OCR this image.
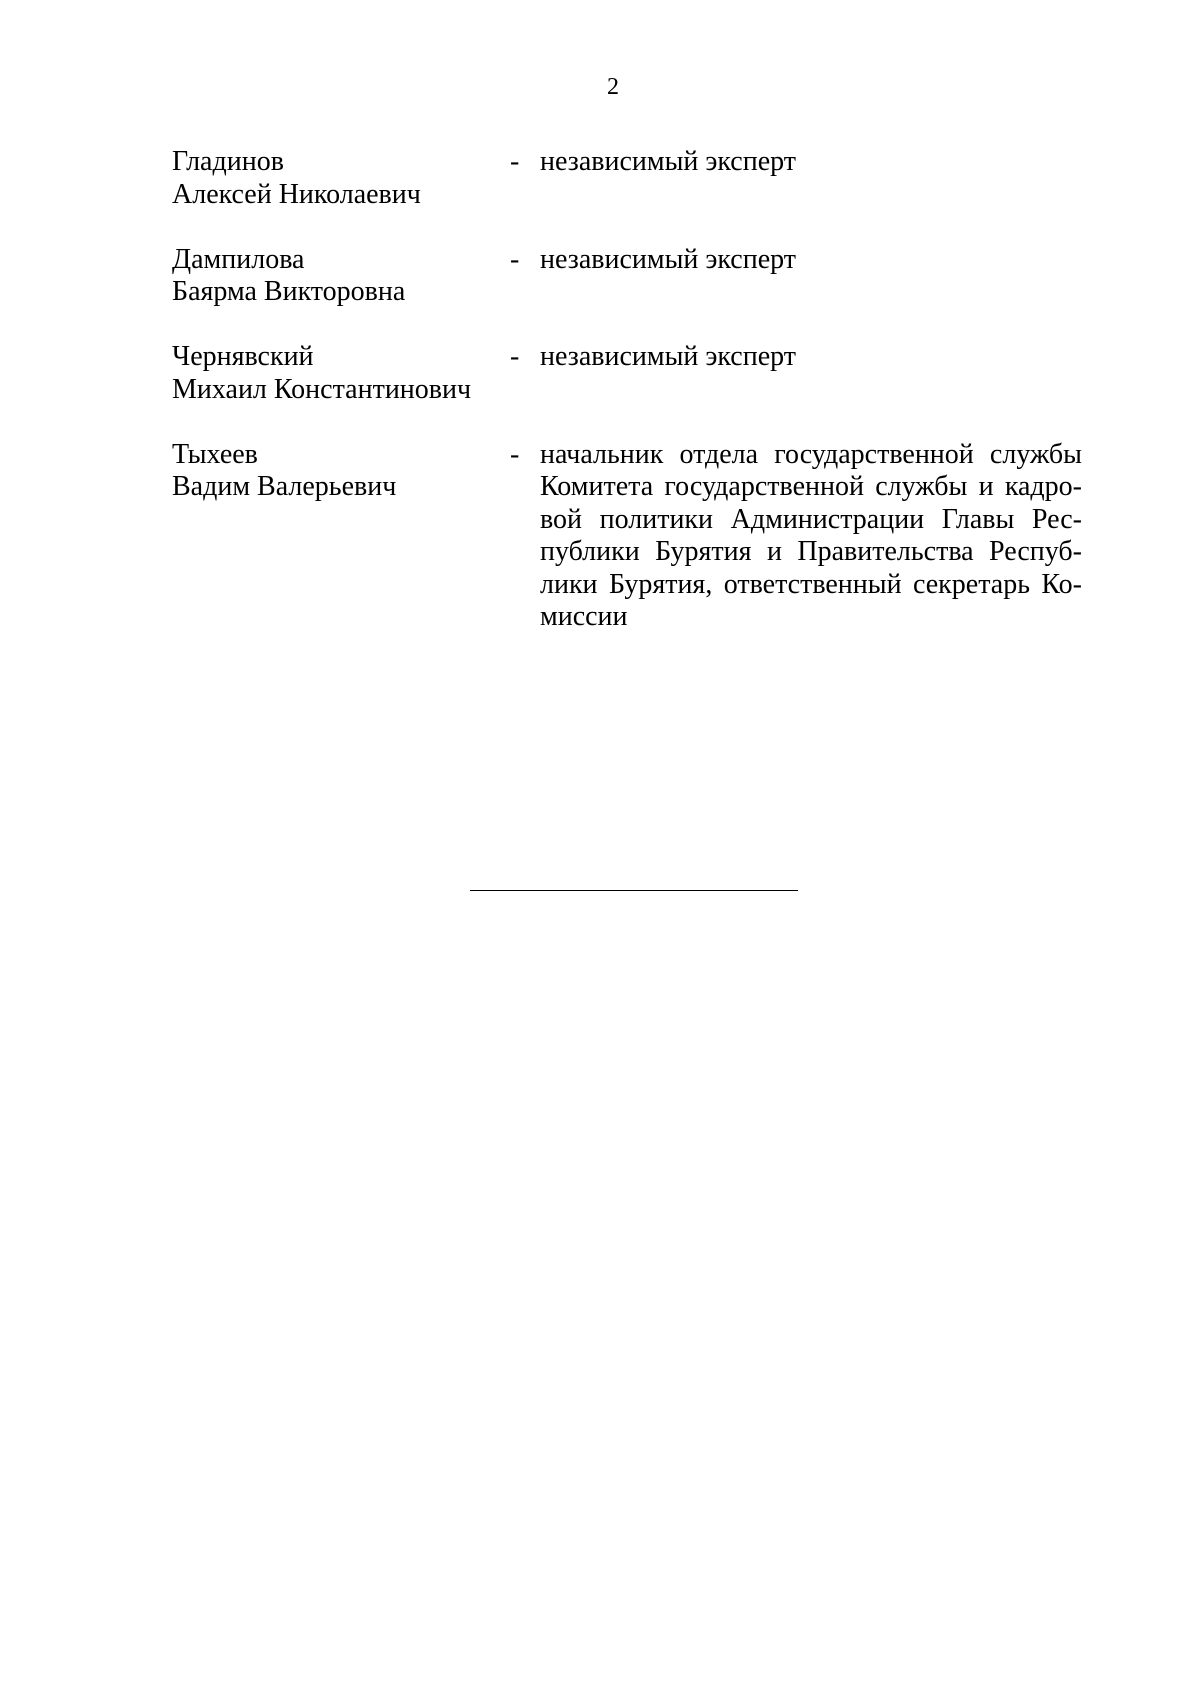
2
Гладинов
Алексей Николаевич
- независимый эксперт
Дампилова
Баярма Викторовна
- независимый эксперт
Чернявский
Михаил Константинович
- независимый эксперт
Тыхеев
Вадим Валерьевич
- начальник отдела государственной службы
Комитета государственной службы и кадро-
вой политики Администрации Главы Рес-
публики Бурятия и Правительства Респуб-
лики Бурятия, ответственный секретарь Ко-
миссии
